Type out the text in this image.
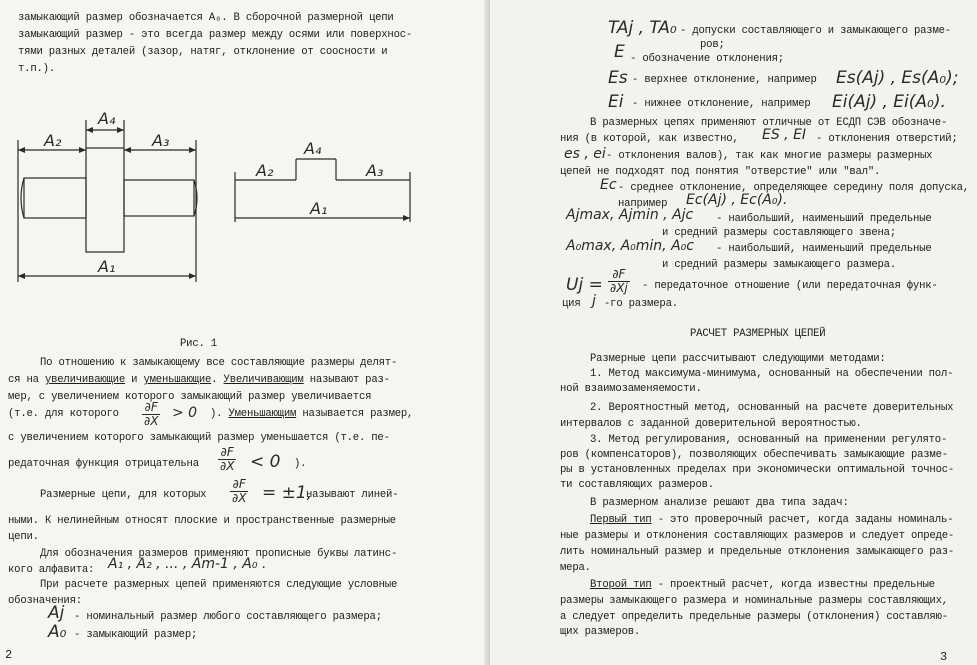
замыкающий размер обозначается А₀. В сборочной размерной цепи
замыкающий размер - это всегда размер между осями или поверхнос-
тями разных деталей (зазор, натяг, отклонение от соосности и
т.п.).
A₂
A₄
A₃
A₁
A₂
A₄
A₃
A₁
Рис. 1
По отношению к замыкающему все составляющие размеры делят-
ся на увеличивающие и уменьшающие. Увеличивающим называют раз-
мер, с увеличением которого замыкающий размер увеличивается
(т.е. для которого $\frac{\partial F}{\partial X} > 0$ ). Уменьшающим называется размер,
с увеличением которого замыкающий размер уменьшается (т.е. пе-
редаточная функция отрицательна $\frac{\partial F}{\partial X} < 0$ ).
Размерные цепи, для которых $\frac{\partial F}{\partial X} = \pm 1$,
называют линей-
ными. К нелинейным относят плоские и пространственные размерные
цепи.
Для обозначения размеров применяют прописные буквы латинс-
кого алфавита: A₁ , A₂ , ... , Am-1 , A₀ .
При расчете размерных цепей применяются следующие условные
обозначения:
Aj - номинальный размер любого составляющего размера;
A₀ - замыкающий размер;
2
TAj , TA₀ - допуски составляющего и замыкающего разме-
ров;
E - обозначение отклонения;
Es - верхнее отклонение, например Es(Aj) , Es(A₀);
Ei - нижнее отклонение, например Ei(Aj) , Ei(A₀).
В размерных цепях применяют отличные от ЕСДП СЭВ обозначе-
ния (в которой, как известно, ES , EI - отклонения отверстий;
es , ei - отклонения валов), так как многие размеры размерных
цепей не подходят под понятия "отверстие" или "вал".
Ec - среднее отклонение, определяющее середину поля допуска,
например Ec(Aj) , Ec(A₀).
Ajmax, Ajmin , Ajc - наибольший, наименьший предельные
и средний размеры составляющего звена;
A₀max, A₀min, A₀c - наибольший, наименьший предельные
и средний размеры замыкающего размера.
$Uj = \frac{\partial F}{\partial Xj}$ - передаточное отношение (или передаточная функ-
ция j -го размера.
РАСЧЕТ РАЗМЕРНЫХ ЦЕПЕЙ
Размерные цепи рассчитывают следующими методами:
1. Метод максимума-минимума, основанный на обеспечении пол-
ной взаимозаменяемости.
2. Вероятностный метод, основанный на расчете доверительных
интервалов с заданной доверительной вероятностью.
3. Метод регулирования, основанный на применении регулято-
ров (компенсаторов), позволяющих обеспечивать замыкающие разме-
ры в установленных пределах при экономически оптимальной точнос-
ти составляющих размеров.
В размерном анализе решают два типа задач:
Первый тип - это проверочный расчет, когда заданы номиналь-
ные размеры и отклонения составляющих размеров и следует опреде-
лить номинальный размер и предельные отклонения замыкающего раз-
мера.
Второй тип - проектный расчет, когда известны предельные
размеры замыкающего размера и номинальные размеры составляющих,
а следует определить предельные размеры (отклонения) составляю-
щих размеров.
3
